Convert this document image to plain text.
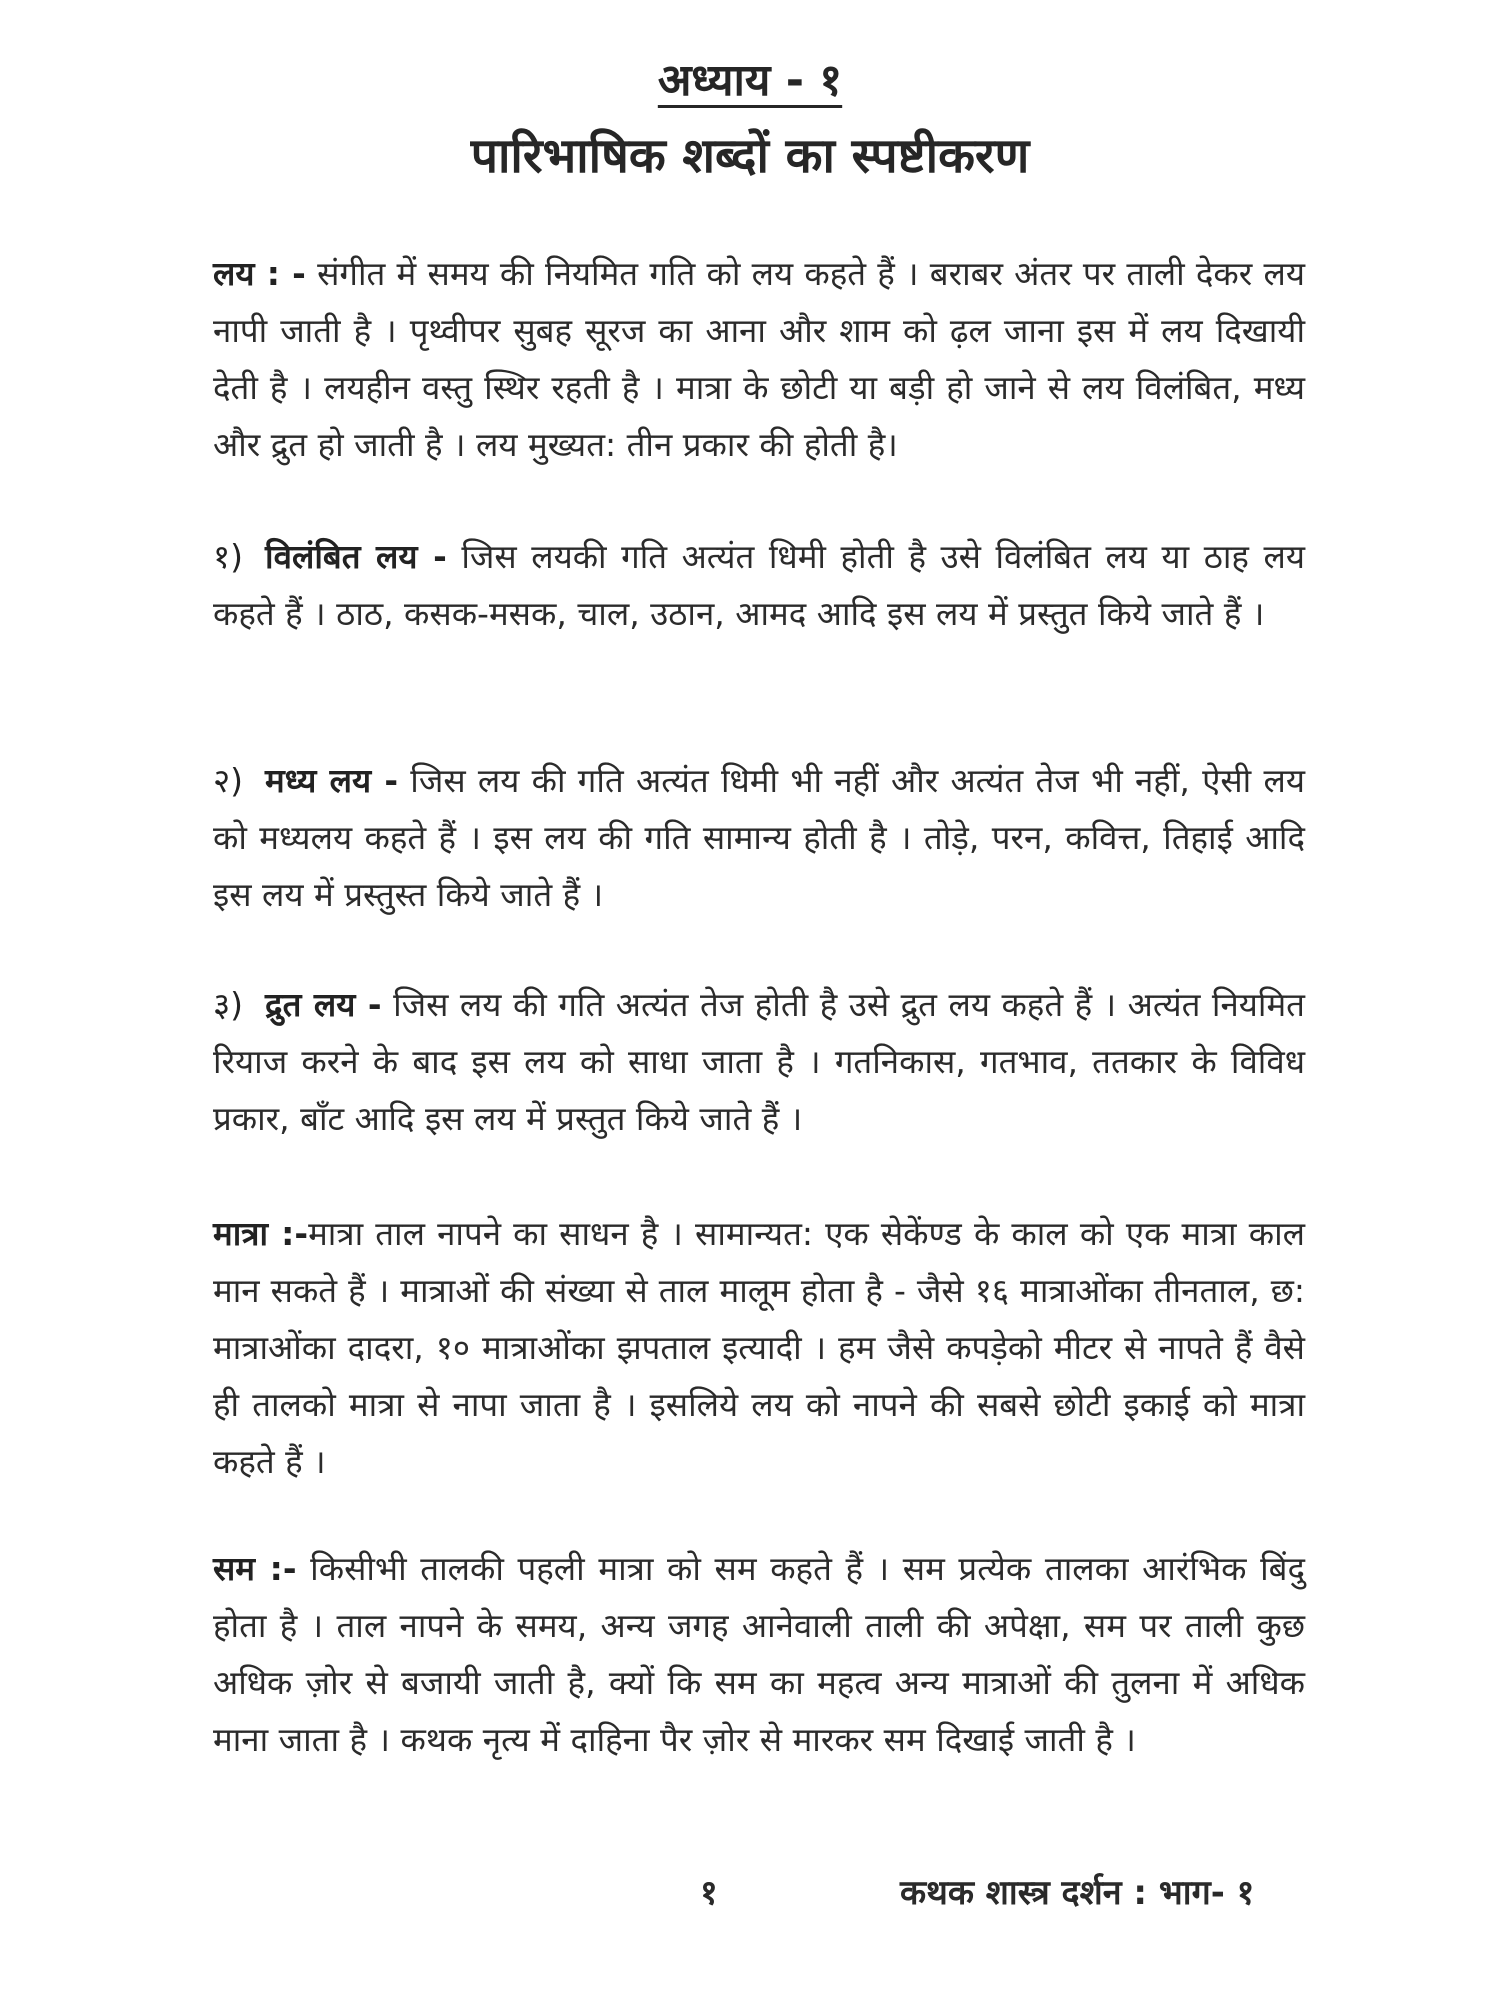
अध्याय - १
पारिभाषिक शब्दों का स्पष्टीकरण

लय : - संगीत में समय की नियमित गति को लय कहते हैं । बराबर अंतर पर ताली देकर लय नापी जाती है । पृथ्वीपर सुबह सूरज का आना और शाम को ढ़ल जाना इस में लय दिखायी देती है । लयहीन वस्तु स्थिर रहती है । मात्रा के छोटी या बड़ी हो जाने से लय विलंबित, मध्य और द्रुत हो जाती है । लय मुख्यत: तीन प्रकार की होती है।

१) विलंबित लय - जिस लयकी गति अत्यंत धिमी होती है उसे विलंबित लय या ठाह लय कहते हैं । ठाठ, कसक-मसक, चाल, उठान, आमद आदि इस लय में प्रस्तुत किये जाते हैं ।

२) मध्य लय - जिस लय की गति अत्यंत धिमी भी नहीं और अत्यंत तेज भी नहीं, ऐसी लय को मध्यलय कहते हैं । इस लय की गति सामान्य होती है । तोड़े, परन, कवित्त, तिहाई आदि इस लय में प्रस्तुस्त किये जाते हैं ।

३) द्रुत लय - जिस लय की गति अत्यंत तेज होती है उसे द्रुत लय कहते हैं । अत्यंत नियमित रियाज करने के बाद इस लय को साधा जाता है । गतनिकास, गतभाव, ततकार के विविध प्रकार, बाँट आदि इस लय में प्रस्तुत किये जाते हैं ।

मात्रा :-मात्रा ताल नापने का साधन है । सामान्यत: एक सेकेंण्ड के काल को एक मात्रा काल मान सकते हैं । मात्राओं की संख्या से ताल मालूम होता है - जैसे १६ मात्राओंका तीनताल, छ: मात्राओंका दादरा, १० मात्राओंका झपताल इत्यादी । हम जैसे कपड़ेको मीटर से नापते हैं वैसे ही तालको मात्रा से नापा जाता है । इसलिये लय को नापने की सबसे छोटी इकाई को मात्रा कहते हैं ।

सम :- किसीभी तालकी पहली मात्रा को सम कहते हैं । सम प्रत्येक तालका आरंभिक बिंदु होता है । ताल नापने के समय, अन्य जगह आनेवाली ताली की अपेक्षा, सम पर ताली कुछ अधिक ज़ोर से बजायी जाती है, क्यों कि सम का महत्व अन्य मात्राओं की तुलना में अधिक माना जाता है । कथक नृत्य में दाहिना पैर ज़ोर से मारकर सम दिखाई जाती है ।

१	कथक शास्त्र दर्शन : भाग- १
